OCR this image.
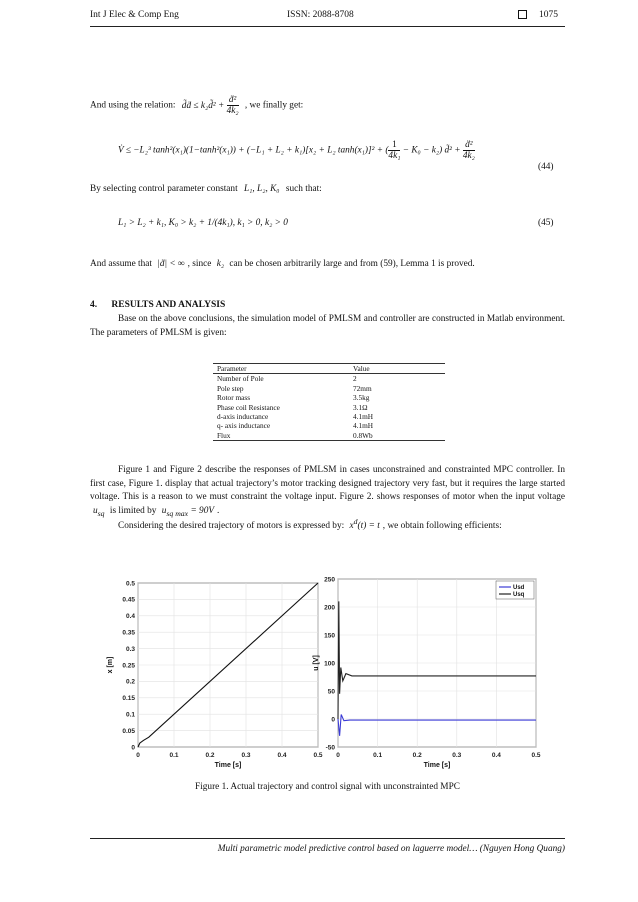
Int J Elec & Comp Eng	ISSN: 2088-8708	1075
And using the relation: d̃ḋ ≤ k₂d̃² + $\frac{\text{ḋ²}}{\text{4k₂}}$ , we finally get:
V̇ ≤ −L₂³ tanh²(x₁)(1−tanh²(x₁)) + (−L₁ + L₂ + k₁)[x₂ + L₂ tanh(x₁)]² + ( $\frac{1}{\text{4k₁}} - K_0 - k_2$) d̃² + $\frac{\text{ḋ²}}{\text{4k₂}}$
(44)
By selecting control parameter constant L₁, L₂, K₀ such that:
L₁ > L₂ + k₁, K₀ > k₂ + 1/(4k₁), k₁ > 0, k₂ > 0	(45)
And assume that |ḋ| < ∞ , since k₂ can be chosen arbitrarily large and from (59), Lemma 1 is proved.
4.      RESULTS AND ANALYSIS
Base on the above conclusions, the simulation model of PMLSM and controller are constructed in Matlab environment. The parameters of PMLSM is given:
Parameter	Value
Number of Pole	2
Pole step	72mm
Rotor mass	3.5kg
Phase coil Resistance	3.1Ω
d-axis inductance	4.1mH
q- axis inductance	4.1mH
Flux	0.8Wb
Figure 1 and Figure 2 describe the responses of PMLSM in cases unconstrained and constrainted MPC controller. In first case, Figure 1. display that actual trajectory’s motor tracking designed trajectory very fast, but it requires the large started voltage. This is a reason to we must constraint the voltage input. Figure 2. shows responses of motor when the input voltage $u_{sq}$ is limited by $u_{sq max} = 90V$ .
Considering the desired trajectory of motors is expressed by: $x^d(t) = t$ , we obtain following efficients:
0	0.1	0.2	0.3	0.4	0.5
0
0.05
0.1
0.15
0.2
0.25
0.3
0.35
0.4
0.45
0.5
Time [s]
x [m]
0	0.1	0.2	0.3	0.4	0.5
-50
0
50
100
150
200
250
Time [s]
u [V]
Usd
Usq
Figure 1. Actual trajectory and control signal with unconstrainted MPC
Multi parametric model predictive control based on laguerre model… (Nguyen Hong Quang)
